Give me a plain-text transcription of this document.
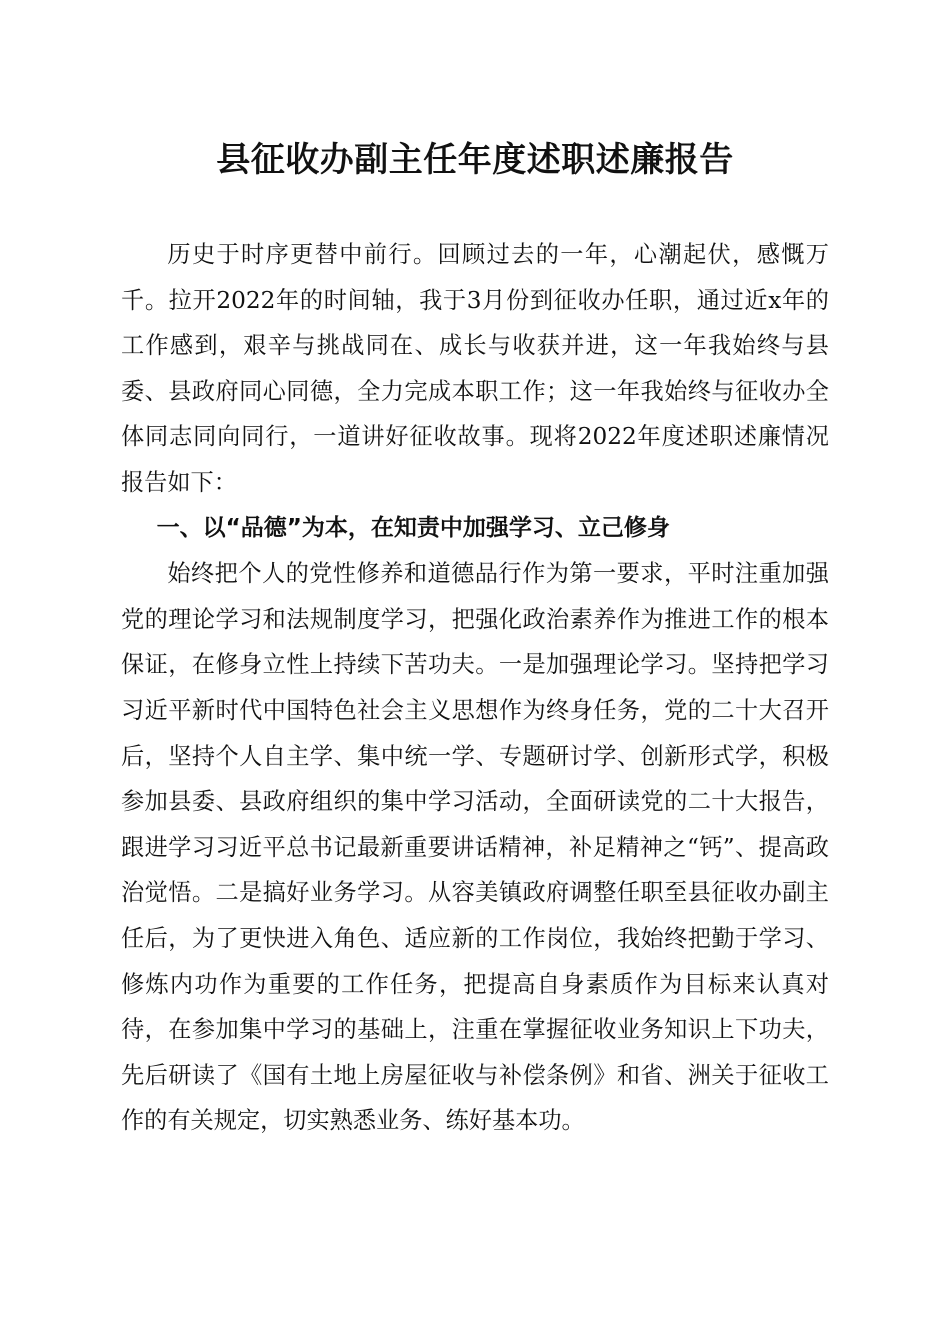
县征收办副主任年度述职述廉报告

历史于时序更替中前行。回顾过去的一年，心潮起伏，感慨万千。拉开2022年的时间轴，我于3月份到征收办任职，通过近x年的工作感到，艰辛与挑战同在、成长与收获并进，这一年我始终与县委、县政府同心同德，全力完成本职工作；这一年我始终与征收办全体同志同向同行，一道讲好征收故事。现将2022年度述职述廉情况报告如下：

一、以“品德”为本，在知责中加强学习、立己修身

始终把个人的党性修养和道德品行作为第一要求，平时注重加强党的理论学习和法规制度学习，把强化政治素养作为推进工作的根本保证，在修身立性上持续下苦功夫。一是加强理论学习。坚持把学习习近平新时代中国特色社会主义思想作为终身任务，党的二十大召开后，坚持个人自主学、集中统一学、专题研讨学、创新形式学，积极参加县委、县政府组织的集中学习活动，全面研读党的二十大报告，跟进学习习近平总书记最新重要讲话精神，补足精神之“钙”、提高政治觉悟。二是搞好业务学习。从容美镇政府调整任职至县征收办副主任后，为了更快进入角色、适应新的工作岗位，我始终把勤于学习、修炼内功作为重要的工作任务，把提高自身素质作为目标来认真对待，在参加集中学习的基础上，注重在掌握征收业务知识上下功夫，先后研读了《国有土地上房屋征收与补偿条例》和省、洲关于征收工作的有关规定，切实熟悉业务、练好基本功。
